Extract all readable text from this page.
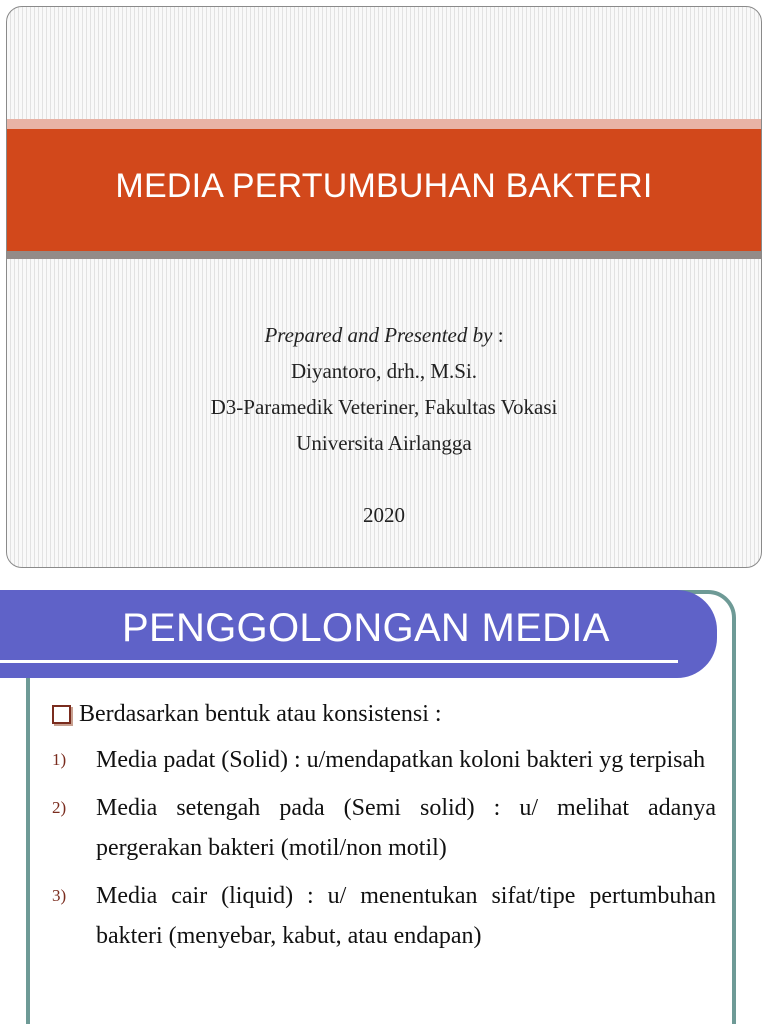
MEDIA PERTUMBUHAN BAKTERI
Prepared and Presented by :
Diyantoro, drh., M.Si.
D3-Paramedik Veteriner, Fakultas Vokasi
Universita Airlangga
2020
PENGGOLONGAN MEDIA
Berdasarkan bentuk atau konsistensi :
1) Media padat (Solid) : u/mendapatkan koloni bakteri yg terpisah
2) Media setengah pada (Semi solid) : u/ melihat adanya pergerakan bakteri (motil/non motil)
3) Media cair (liquid) : u/ menentukan sifat/tipe pertumbuhan bakteri (menyebar, kabut, atau endapan)
